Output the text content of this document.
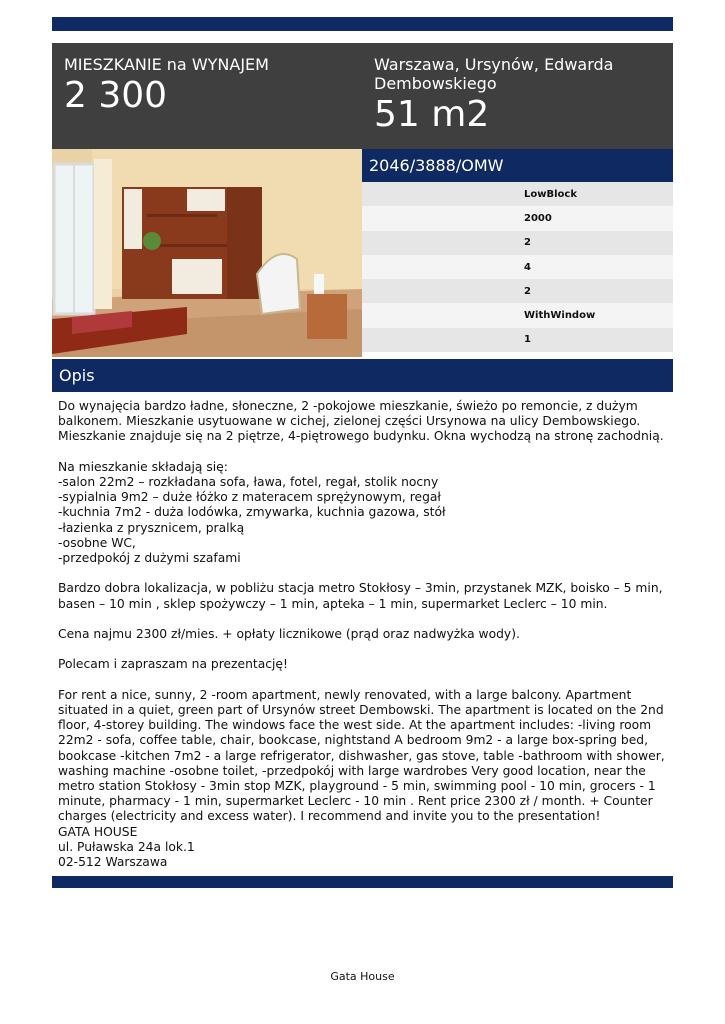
MIESZKANIE na WYNAJEM
2 300
Warszawa, Ursynów, Edwarda Dembowskiego
51 m2
2046/3888/OMW
LowBlock
2000
2
4
2
WithWindow
1
Opis

Do wynajęcia bardzo ładne, słoneczne, 2 -pokojowe mieszkanie, świeżo po remoncie, z dużym balkonem. Mieszkanie usytuowane w cichej, zielonej części Ursynowa na ulicy Dembowskiego. Mieszkanie znajduje się na 2 piętrze, 4-piętrowego budynku. Okna wychodzą na stronę zachodnią.

Na mieszkanie składają się:

-salon 22m2 – rozkładana sofa, ława, fotel, regał, stolik nocny

-sypialnia 9m2 – duże łóżko z materacem sprężynowym, regał

-kuchnia 7m2 - duża lodówka, zmywarka, kuchnia gazowa, stół

-łazienka z prysznicem, pralką

-osobne WC,

-przedpokój z dużymi szafami

Bardzo dobra lokalizacja, w pobliżu stacja metro Stokłosy – 3min, przystanek MZK, boisko – 5 min, basen – 10 min , sklep spożywczy – 1 min, apteka – 1 min, supermarket Leclerc – 10 min.

Cena najmu 2300 zł/mies. + opłaty licznikowe (prąd oraz nadwyżka wody).

Polecam i zapraszam na prezentację!

For rent a nice, sunny, 2 -room apartment, newly renovated, with a large balcony. Apartment situated in a quiet, green part of Ursynów street Dembowski. The apartment is located on the 2nd floor, 4-storey building. The windows face the west side. At the apartment includes: -living room 22m2 - sofa, coffee table, chair, bookcase, nightstand A bedroom 9m2 - a large box-spring bed, bookcase -kitchen 7m2 - a large refrigerator, dishwasher, gas stove, table -bathroom with shower, washing machine -osobne toilet, -przedpokój with large wardrobes Very good location, near the metro station Stokłosy - 3min stop MZK, playground - 5 min, swimming pool - 10 min, grocers - 1 minute, pharmacy - 1 min, supermarket Leclerc - 10 min . Rent price 2300 zł / month. + Counter charges (electricity and excess water). I recommend and invite you to the presentation!

GATA HOUSE

ul. Puławska 24a lok.1

02-512 Warszawa

Gata House
